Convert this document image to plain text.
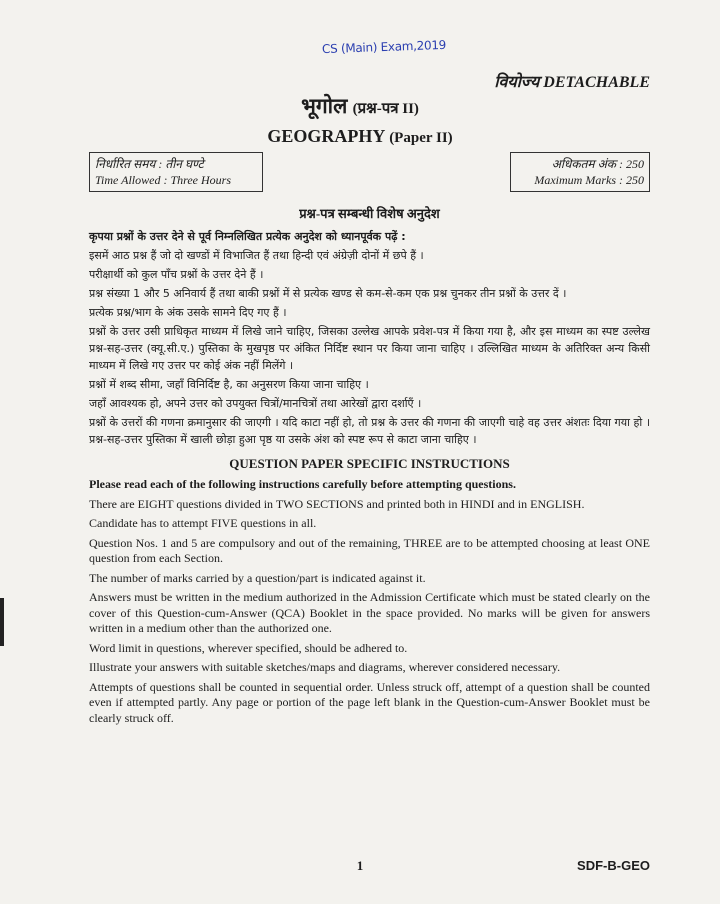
CS (Main) Exam,2019
वियोज्य DETACHABLE
भूगोल (प्रश्न-पत्र II)
GEOGRAPHY (Paper II)
निर्धारित समय : तीन घण्टे
Time Allowed : Three Hours
अधिकतम अंक : 250
Maximum Marks : 250
प्रश्न-पत्र सम्बन्धी विशेष अनुदेश

कृपया प्रश्नों के उत्तर देने से पूर्व निम्नलिखित प्रत्येक अनुदेश को ध्यानपूर्वक पढ़ें :

इसमें आठ प्रश्न हैं जो दो खण्डों में विभाजित हैं तथा हिन्दी एवं अंग्रेज़ी दोनों में छपे हैं ।

परीक्षार्थी को कुल पाँच प्रश्नों के उत्तर देने हैं ।

प्रश्न संख्या 1 और 5 अनिवार्य हैं तथा बाकी प्रश्नों में से प्रत्येक खण्ड से कम-से-कम एक प्रश्न चुनकर तीन प्रश्नों के उत्तर दें ।

प्रत्येक प्रश्न/भाग के अंक उसके सामने दिए गए हैं ।

प्रश्नों के उत्तर उसी प्राधिकृत माध्यम में लिखे जाने चाहिए, जिसका उल्लेख आपके प्रवेश-पत्र में किया गया है, और इस माध्यम का स्पष्ट उल्लेख प्रश्न-सह-उत्तर (क्यू.सी.ए.) पुस्तिका के मुखपृष्ठ पर अंकित निर्दिष्ट स्थान पर किया जाना चाहिए । उल्लिखित माध्यम के अतिरिक्त अन्य किसी माध्यम में लिखे गए उत्तर पर कोई अंक नहीं मिलेंगे ।

प्रश्नों में शब्द सीमा, जहाँ विनिर्दिष्ट है, का अनुसरण किया जाना चाहिए ।

जहाँ आवश्यक हो, अपने उत्तर को उपयुक्त चित्रों/मानचित्रों तथा आरेखों द्वारा दर्शाएँ ।

प्रश्नों के उत्तरों की गणना क्रमानुसार की जाएगी । यदि काटा नहीं हो, तो प्रश्न के उत्तर की गणना की जाएगी चाहे वह उत्तर अंशतः दिया गया हो । प्रश्न-सह-उत्तर पुस्तिका में खाली छोड़ा हुआ पृष्ठ या उसके अंश को स्पष्ट रूप से काटा जाना चाहिए ।

QUESTION PAPER SPECIFIC INSTRUCTIONS

Please read each of the following instructions carefully before attempting questions.

There are EIGHT questions divided in TWO SECTIONS and printed both in HINDI and in ENGLISH.

Candidate has to attempt FIVE questions in all.

Question Nos. 1 and 5 are compulsory and out of the remaining, THREE are to be attempted choosing at least ONE question from each Section.

The number of marks carried by a question/part is indicated against it.

Answers must be written in the medium authorized in the Admission Certificate which must be stated clearly on the cover of this Question-cum-Answer (QCA) Booklet in the space provided. No marks will be given for answers written in a medium other than the authorized one.

Word limit in questions, wherever specified, should be adhered to.

Illustrate your answers with suitable sketches/maps and diagrams, wherever considered necessary.

Attempts of questions shall be counted in sequential order. Unless struck off, attempt of a question shall be counted even if attempted partly. Any page or portion of the page left blank in the Question-cum-Answer Booklet must be clearly struck off.

1	SDF-B-GEO
